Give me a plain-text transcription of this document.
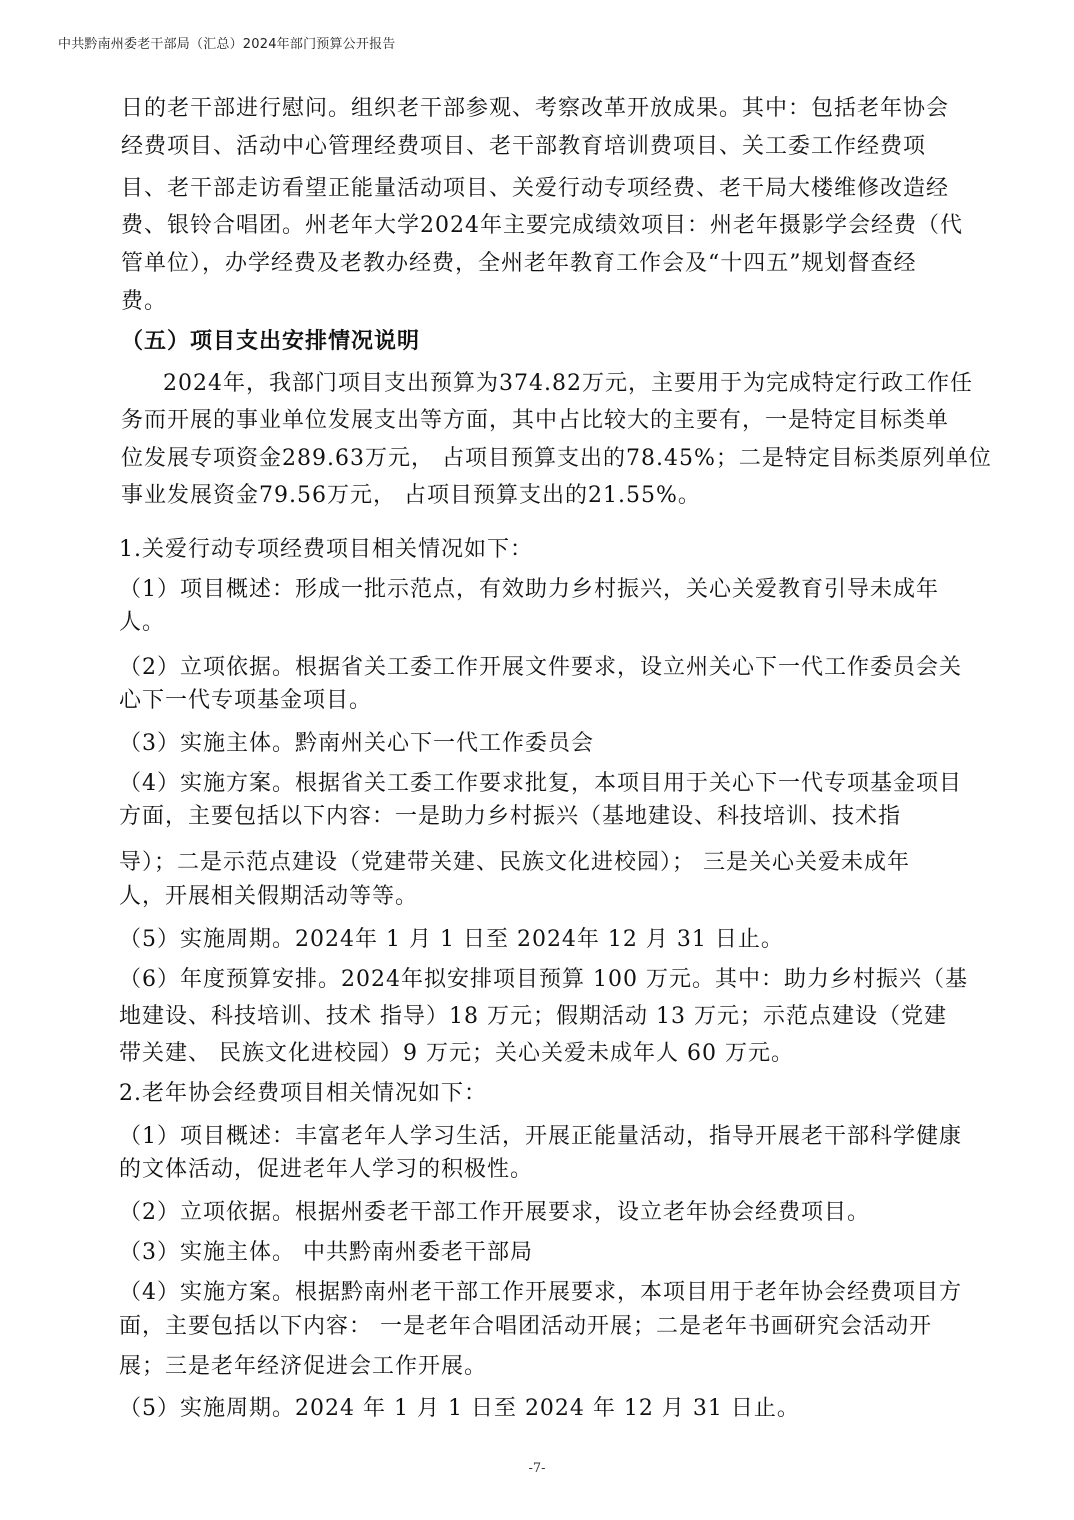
中共黔南州委老干部局（汇总）2024年部门预算公开报告
日的老干部进行慰问。组织老干部参观、考察改革开放成果。其中：包括老年协会
经费项目、活动中心管理经费项目、老干部教育培训费项目、关工委工作经费项
目、老干部走访看望正能量活动项目、关爱行动专项经费、老干局大楼维修改造经
费、银铃合唱团。州老年大学2024年主要完成绩效项目：州老年摄影学会经费（代
管单位），办学经费及老教办经费，全州老年教育工作会及“十四五”规划督查经
费。
（五）项目支出安排情况说明
2024年，我部门项目支出预算为374.82万元，主要用于为完成特定行政工作任
务而开展的事业单位发展支出等方面，其中占比较大的主要有，一是特定目标类单
位发展专项资金289.63万元， 占项目预算支出的78.45%；二是特定目标类原列单位
事业发展资金79.56万元， 占项目预算支出的21.55%。
1.关爱行动专项经费项目相关情况如下：
（1）项目概述：形成一批示范点，有效助力乡村振兴，关心关爱教育引导未成年
人。
（2）立项依据。根据省关工委工作开展文件要求，设立州关心下一代工作委员会关
心下一代专项基金项目。
（3）实施主体。黔南州关心下一代工作委员会
（4）实施方案。根据省关工委工作要求批复，本项目用于关心下一代专项基金项目
方面，主要包括以下内容：一是助力乡村振兴（基地建设、科技培训、技术指
导）；二是示范点建设（党建带关建、民族文化进校园）； 三是关心关爱未成年
人，开展相关假期活动等等。
（5）实施周期。2024年 1 月 1 日至 2024年 12 月 31 日止。
（6）年度预算安排。2024年拟安排项目预算 100 万元。其中：助力乡村振兴（基
地建设、科技培训、技术 指导）18 万元；假期活动 13 万元；示范点建设（党建
带关建、 民族文化进校园）9 万元；关心关爱未成年人 60 万元。
2.老年协会经费项目相关情况如下：
（1）项目概述：丰富老年人学习生活，开展正能量活动，指导开展老干部科学健康
的文体活动，促进老年人学习的积极性。
（2）立项依据。根据州委老干部工作开展要求，设立老年协会经费项目。
（3）实施主体。 中共黔南州委老干部局
（4）实施方案。根据黔南州老干部工作开展要求，本项目用于老年协会经费项目方
面，主要包括以下内容： 一是老年合唱团活动开展；二是老年书画研究会活动开
展；三是老年经济促进会工作开展。
（5）实施周期。2024 年 1 月 1 日至 2024 年 12 月 31 日止。
-7-
